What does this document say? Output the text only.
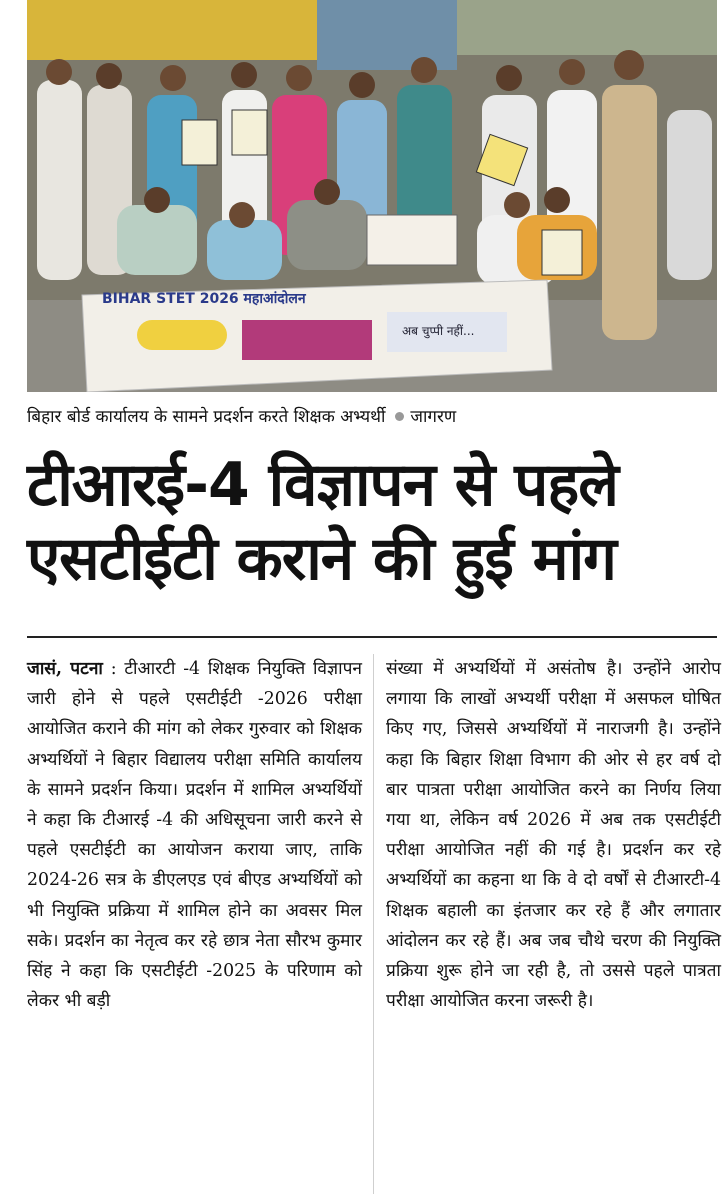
BIHAR STET 2026 महाआंदोलन
अब चुप्पी नहीं...
बिहार बोर्ड कार्यालय के सामने प्रदर्शन करते शिक्षक अभ्यर्थी जागरण
टीआरई-4 विज्ञापन से पहले
एसटीईटी कराने की हुई मांग
जासं, पटना : टीआरटी -4 शिक्षक नियुक्ति विज्ञापन जारी होने से पहले एसटीईटी -2026 परीक्षा आयोजित कराने की मांग को लेकर गुरुवार को शिक्षक अभ्यर्थियों ने बिहार विद्यालय परीक्षा समिति कार्यालय के सामने प्रदर्शन किया। प्रदर्शन में शामिल अभ्यर्थियों ने कहा कि टीआरई -4 की अधिसूचना जारी करने से पहले एसटीईटी का आयोजन कराया जाए, ताकि 2024-26 सत्र के डीएलएड एवं बीएड अभ्यर्थियों को भी नियुक्ति प्रक्रिया में शामिल होने का अवसर मिल सके। प्रदर्शन का नेतृत्व कर रहे छात्र नेता सौरभ कुमार सिंह ने कहा कि एसटीईटी -2025 के परिणाम को लेकर भी बड़ी
संख्या में अभ्यर्थियों में असंतोष है। उन्होंने आरोप लगाया कि लाखों अभ्यर्थी परीक्षा में असफल घोषित किए गए, जिससे अभ्यर्थियों में नाराजगी है। उन्होंने कहा कि बिहार शिक्षा विभाग की ओर से हर वर्ष दो बार पात्रता परीक्षा आयोजित करने का निर्णय लिया गया था, लेकिन वर्ष 2026 में अब तक एसटीईटी परीक्षा आयोजित नहीं की गई है। प्रदर्शन कर रहे अभ्यर्थियों का कहना था कि वे दो वर्षों से टीआरटी-4 शिक्षक बहाली का इंतजार कर रहे हैं और लगातार आंदोलन कर रहे हैं। अब जब चौथे चरण की नियुक्ति प्रक्रिया शुरू होने जा रही है, तो उससे पहले पात्रता परीक्षा आयोजित करना जरूरी है।
